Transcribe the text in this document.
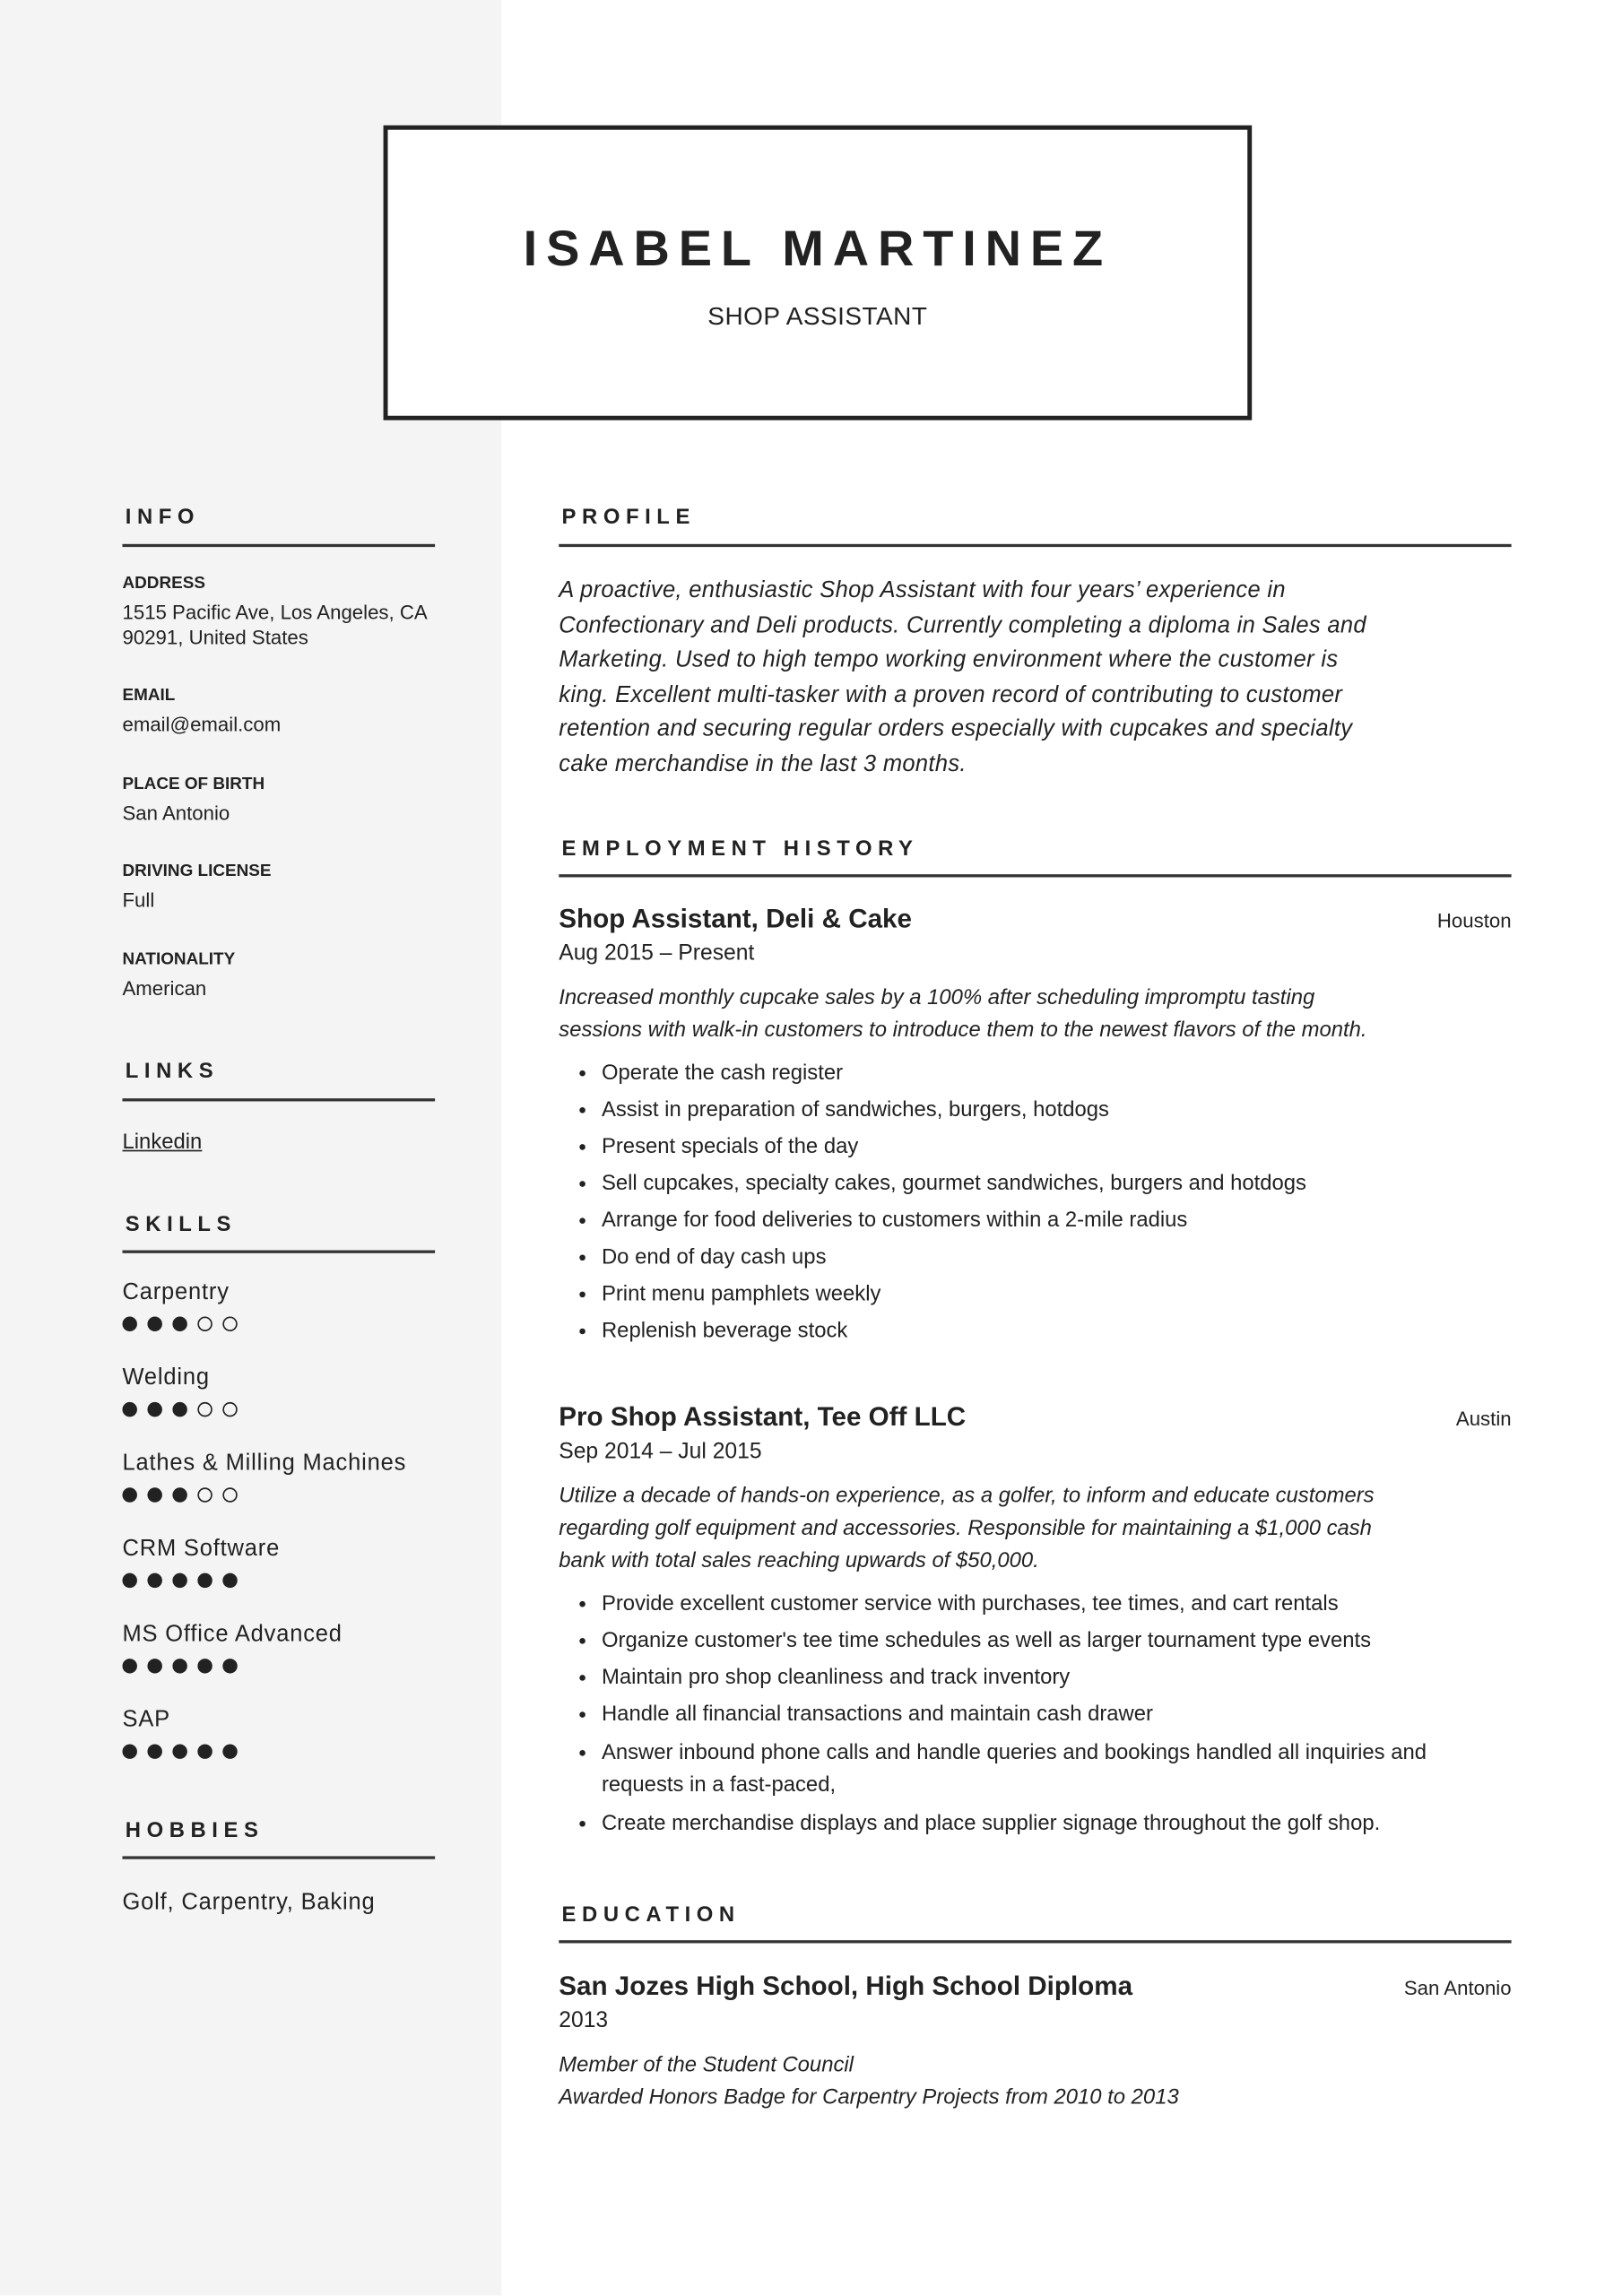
ISABEL MARTINEZ
SHOP ASSISTANT
INFO
ADDRESS
1515 Pacific Ave, Los Angeles, CA
90291, United States
EMAIL
email@email.com
PLACE OF BIRTH
San Antonio
DRIVING LICENSE
Full
NATIONALITY
American
LINKS
Linkedin
SKILLS
Carpentry
Welding
Lathes & Milling Machines
CRM Software
MS Office Advanced
SAP
HOBBIES
Golf, Carpentry, Baking
PROFILE
A proactive, enthusiastic Shop Assistant with four years’ experience in
Confectionary and Deli products. Currently completing a diploma in Sales and
Marketing. Used to high tempo working environment where the customer is
king. Excellent multi-tasker with a proven record of contributing to customer
retention and securing regular orders especially with cupcakes and specialty
cake merchandise in the last 3 months.
EMPLOYMENT HISTORY
Shop Assistant, Deli & Cake	Houston
Aug 2015 – Present
Increased monthly cupcake sales by a 100% after scheduling impromptu tasting
sessions with walk-in customers to introduce them to the newest flavors of the month.
• Operate the cash register
• Assist in preparation of sandwiches, burgers, hotdogs
• Present specials of the day
• Sell cupcakes, specialty cakes, gourmet sandwiches, burgers and hotdogs
• Arrange for food deliveries to customers within a 2-mile radius
• Do end of day cash ups
• Print menu pamphlets weekly
• Replenish beverage stock
Pro Shop Assistant, Tee Off LLC	Austin
Sep 2014 – Jul 2015
Utilize a decade of hands-on experience, as a golfer, to inform and educate customers
regarding golf equipment and accessories. Responsible for maintaining a $1,000 cash
bank with total sales reaching upwards of $50,000.
• Provide excellent customer service with purchases, tee times, and cart rentals
• Organize customer's tee time schedules as well as larger tournament type events
• Maintain pro shop cleanliness and track inventory
• Handle all financial transactions and maintain cash drawer
• Answer inbound phone calls and handle queries and bookings handled all inquiries and requests in a fast-paced,
• Create merchandise displays and place supplier signage throughout the golf shop.
EDUCATION
San Jozes High School, High School Diploma	San Antonio
2013
Member of the Student Council
Awarded Honors Badge for Carpentry Projects from 2010 to 2013
